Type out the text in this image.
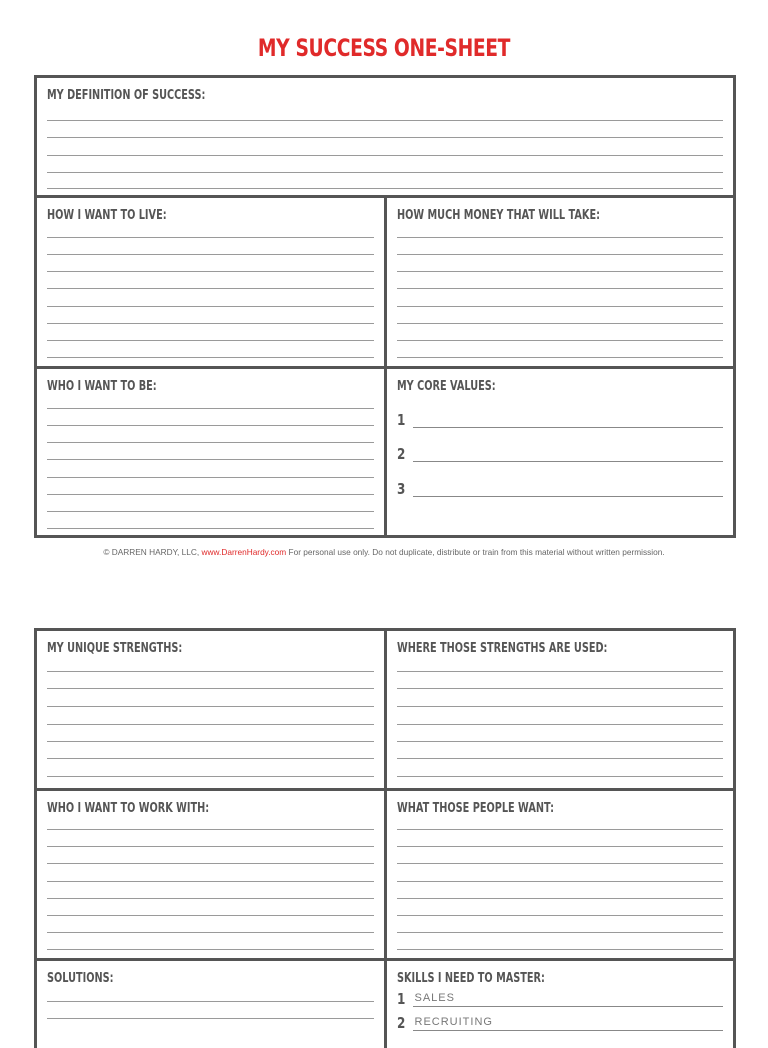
MY SUCCESS ONE-SHEET
MY DEFINITION OF SUCCESS:
HOW I WANT TO LIVE:	HOW MUCH MONEY THAT WILL TAKE:
WHO I WANT TO BE:	MY CORE VALUES:
1
2
3
© DARREN HARDY, LLC, www.DarrenHardy.com For personal use only. Do not duplicate, distribute or train from this material without written permission.
MY UNIQUE STRENGTHS:	WHERE THOSE STRENGTHS ARE USED:
WHO I WANT TO WORK WITH:	WHAT THOSE PEOPLE WANT:
SOLUTIONS:	SKILLS I NEED TO MASTER:
1 SALES
2 RECRUITING
